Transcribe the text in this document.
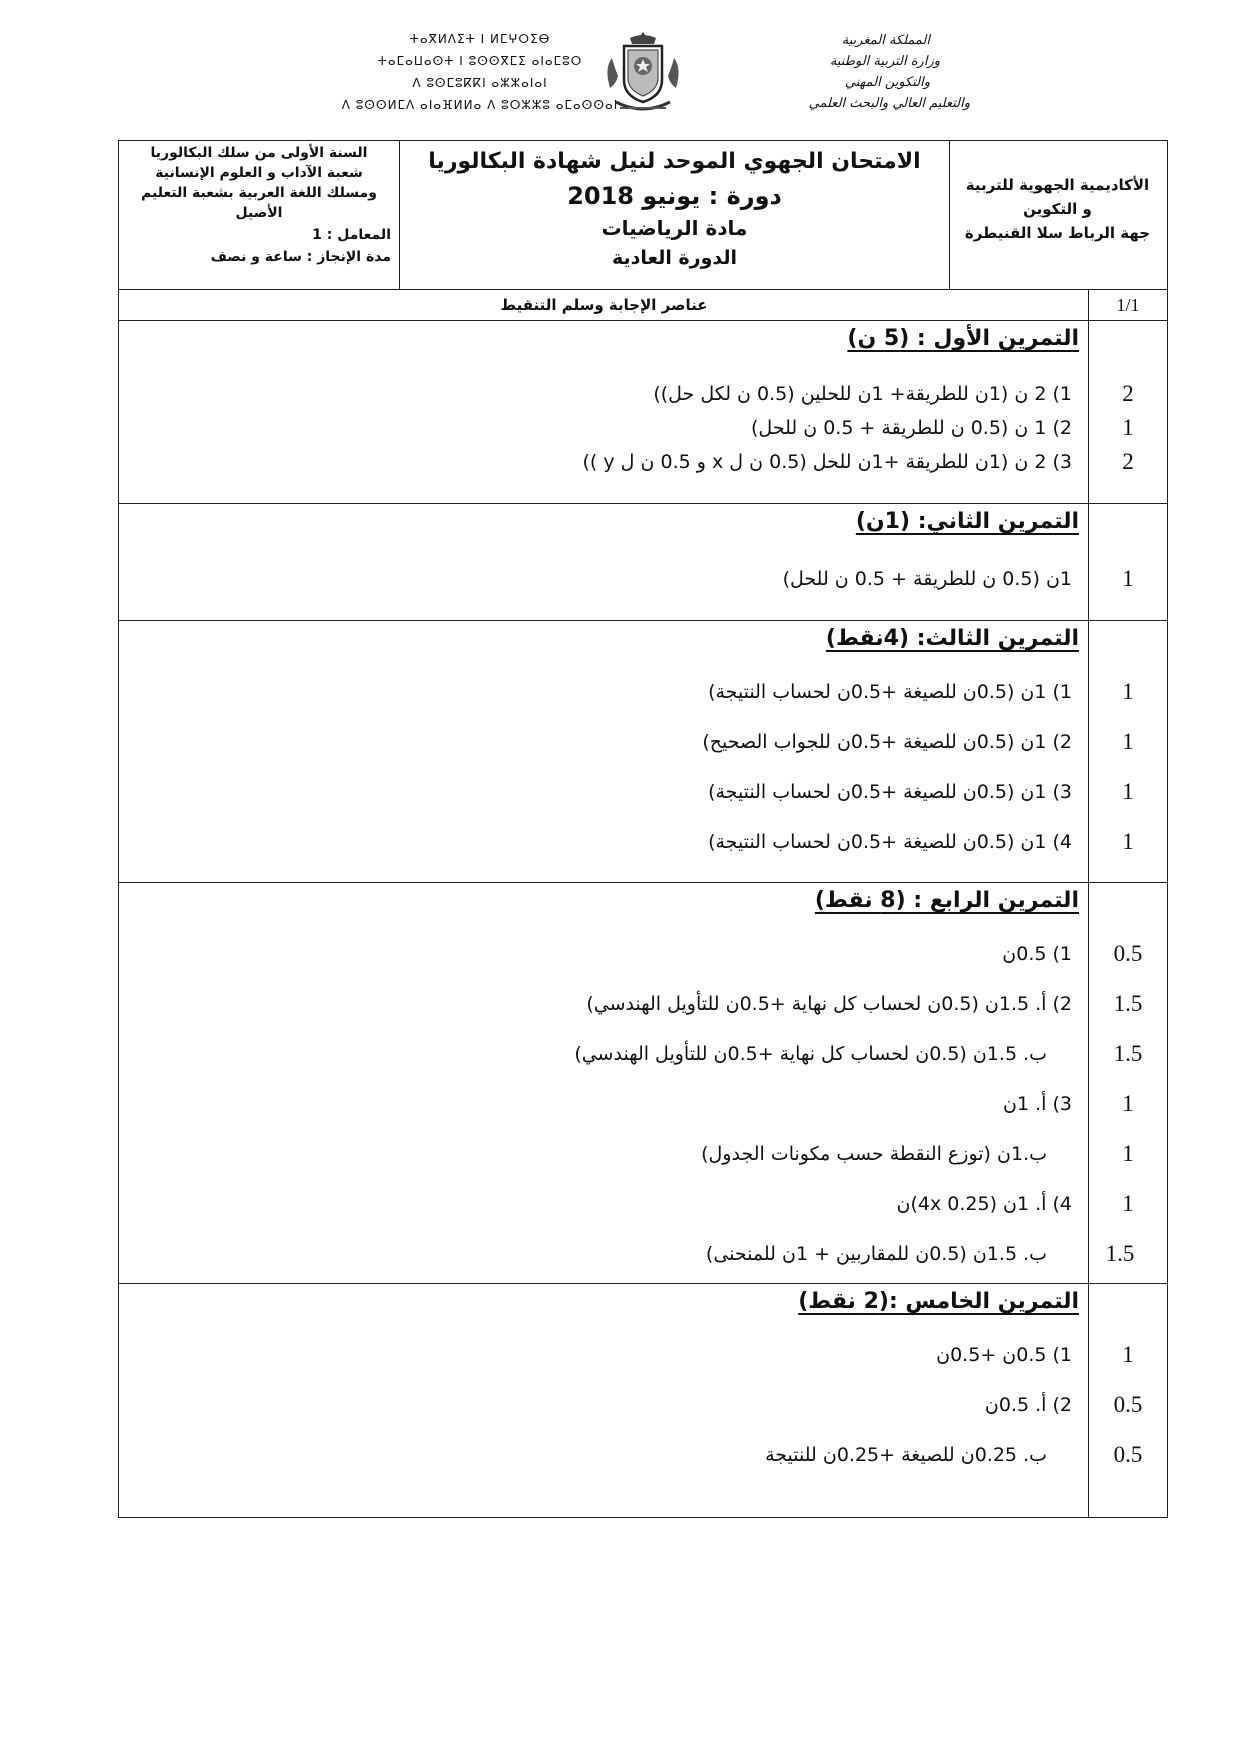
ⵜⴰⴳⵍⴷⵉⵜ ⵏ ⵍⵎⵖⵔⵉⴱ
ⵜⴰⵎⴰⵡⴰⵙⵜ ⵏ ⵓⵙⵙⴳⵎⵉ ⴰⵏⴰⵎⵓⵔ
ⴷ ⵓⵙⵎⵓⴽⴽⵏ ⴰⵣⵣⴰⵏⴰⵏ
ⴷ ⵓⵙⵙⵍⵎⴷ ⴰⵏⴰⴼⵍⵍⴰ ⴷ ⵓⵔⵣⵣⵓ ⴰⵎⴰⵙⵙⴰⵏ
المملكة المغربية
وزارة التربية الوطنية
والتكوين المهني
والتعليم العالي والبحث العلمي
الأكاديمية الجهوية للتربية
و التكوين
جهة الرباط سلا القنيطرة
الامتحان الجهوي الموحد لنيل شهادة البكالوريا
دورة : يونيو 2018
مادة الرياضيات
الدورة العادية
السنة الأولى من سلك البكالوريا
شعبة الآداب و العلوم الإنسانية
ومسلك اللغة العربية بشعبة التعليم
الأصيل
المعامل : 1
مدة الإنجاز : ساعة و نصف
1/1
عناصر الإجابة وسلم التنقيط
التمرين الأول : (5 ن)
2
1) 2 ن (1ن للطريقة+ 1ن للحلين (0.5 ن لكل حل))
1
2) 1 ن (0.5 ن للطريقة + 0.5 ن للحل)
2
3) 2 ن (1ن للطريقة +1ن للحل (0.5 ن ل x و 0.5 ن ل y ))
التمرين الثاني: (1ن)
1
1ن (0.5 ن للطريقة + 0.5 ن للحل)
التمرين الثالث: (4نقط)
1
1) 1ن (0.5ن للصيغة +0.5ن لحساب النتيجة)
1
2) 1ن (0.5ن للصيغة +0.5ن للجواب الصحيح)
1
3) 1ن (0.5ن للصيغة +0.5ن لحساب النتيجة)
1
4) 1ن (0.5ن للصيغة +0.5ن لحساب النتيجة)
التمرين الرابع : (8 نقط)
0.5
1) 0.5ن
1.5
2) أ. 1.5ن (0.5ن لحساب كل نهاية +0.5ن للتأويل الهندسي)
1.5
ب. 1.5ن (0.5ن لحساب كل نهاية +0.5ن للتأويل الهندسي)
1
3) أ. 1ن
1
ب.1ن (توزع النقطة حسب مكونات الجدول)
1
4) أ. 1ن (4x 0.25)ن
1.5
ب. 1.5ن (0.5ن للمقاربين + 1ن للمنحنى)
التمرين الخامس :(2 نقط)
1
1) 0.5ن +0.5ن
0.5
2) أ. 0.5ن
0.5
ب. 0.25ن للصيغة +0.25ن للنتيجة
